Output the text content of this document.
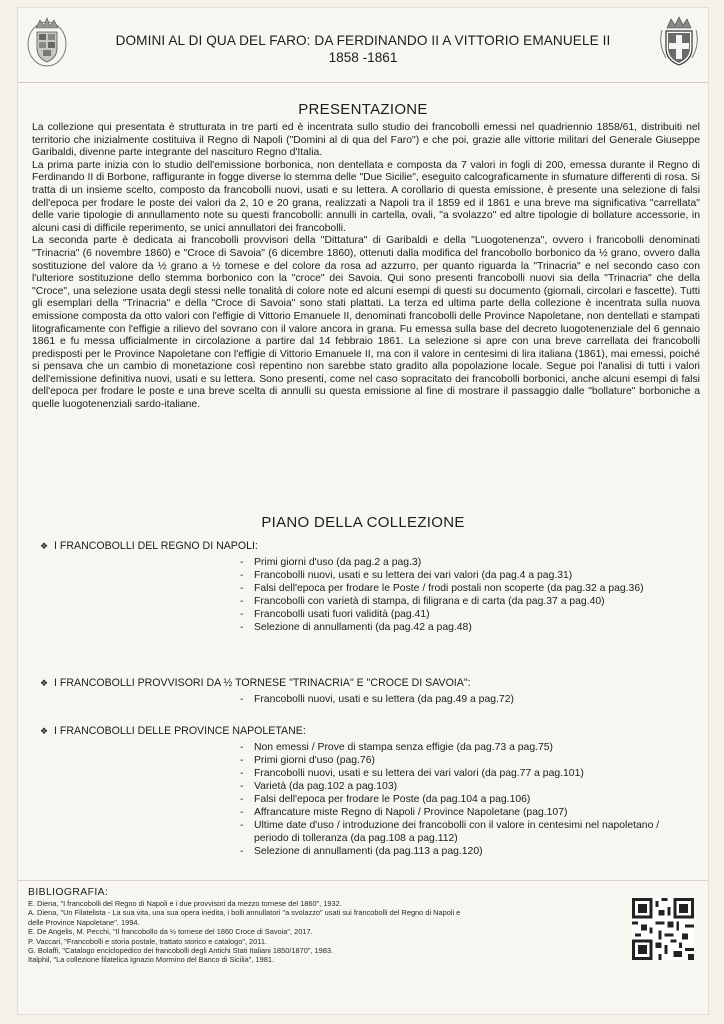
DOMINI AL DI QUA DEL FARO: DA FERDINANDO II A VITTORIO EMANUELE II
1858 -1861
PRESENTAZIONE

La collezione qui presentata è strutturata in tre parti ed è incentrata sullo studio dei francobolli emessi nel quadriennio 1858/61, distribuiti nel territorio che inizialmente costituiva il Regno di Napoli ("Domini al di qua del Faro") e che poi, grazie alle vittorie militari del Generale Giuseppe Garibaldi, divenne parte integrante del nascituro Regno d'Italia.

La prima parte inizia con lo studio dell'emissione borbonica, non dentellata e composta da 7 valori in fogli di 200, emessa durante il Regno di Ferdinando II di Borbone, raffigurante in fogge diverse lo stemma delle "Due Sicilie", eseguito calcograficamente in sfumature differenti di rosa. Si tratta di un insieme scelto, composto da francobolli nuovi, usati e su lettera. A corollario di questa emissione, è presente una selezione di falsi dell'epoca per frodare le poste dei valori da 2, 10 e 20 grana, realizzati a Napoli tra il 1859 ed il 1861 e una breve ma significativa "carrellata" delle varie tipologie di annullamento note su questi francobolli: annulli in cartella, ovali, "a svolazzo" ed altre tipologie di bollature accessorie, in alcuni casi di difficile reperimento, se unici annullatori dei francobolli.

La seconda parte è dedicata ai francobolli provvisori della "Dittatura" di Garibaldi e della "Luogotenenza", ovvero i francobolli denominati "Trinacria" (6 novembre 1860) e "Croce di Savoia" (6 dicembre 1860), ottenuti dalla modifica del francobollo borbonico da ½ grano, ovvero dalla sostituzione del valore da ½ grano a ½ tornese e del colore da rosa ad azzurro, per quanto riguarda la "Trinacria" e nel secondo caso con l'ulteriore sostituzione dello stemma borbonico con la "croce" dei Savoia. Qui sono presenti francobolli nuovi sia della "Trinacria" che della "Croce", una selezione usata degli stessi nelle tonalità di colore note ed alcuni esempi di questi su documento (giornali, circolari e fascette). Tutti gli esemplari della "Trinacria" e della "Croce di Savoia" sono stati plattati. La terza ed ultima parte della collezione è incentrata sulla nuova emissione composta da otto valori con l'effigie di Vittorio Emanuele II, denominati francobolli delle Province Napoletane, non dentellati e stampati litograficamente con l'effigie a rilievo del sovrano con il valore ancora in grana. Fu emessa sulla base del decreto luogotenenziale del 6 gennaio 1861 e fu messa ufficialmente in circolazione a partire dal 14 febbraio 1861. La selezione si apre con una breve carrellata dei francobolli predisposti per le Province Napoletane con l'effigie di Vittorio Emanuele II, ma con il valore in centesimi di lira italiana (1861), mai emessi, poiché si pensava che un cambio di monetazione così repentino non sarebbe stato gradito alla popolazione locale. Segue poi l'analisi di tutti i valori dell'emissione definitiva nuovi, usati e su lettera. Sono presenti, come nel caso sopracitato dei francobolli borbonici, anche alcuni esempi di falsi dell'epoca per frodare le poste e una breve scelta di annulli su questa emissione al fine di mostrare il passaggio dalle "bollature" borboniche a quelle luogotenenziali sardo-italiane.

PIANO DELLA COLLEZIONE
❖ I FRANCOBOLLI DEL REGNO DI NAPOLI:
- Primi giorni d'uso (da pag.2 a pag.3)
- Francobolli nuovi, usati e su lettera dei vari valori (da pag.4 a pag.31)
- Falsi dell'epoca per frodare le Poste / frodi postali non scoperte (da pag.32 a pag.36)
- Francobolli con varietà di stampa, di filigrana e di carta (da pag.37 a pag.40)
- Francobolli usati fuori validità (pag.41)
- Selezione di annullamenti (da pag.42 a pag.48)
❖ I FRANCOBOLLI PROVVISORI DA ½ TORNESE "TRINACRIA" E "CROCE DI SAVOIA":
- Francobolli nuovi, usati e su lettera (da pag.49 a pag.72)
❖ I FRANCOBOLLI DELLE PROVINCE NAPOLETANE:
- Non emessi / Prove di stampa senza effigie (da pag.73 a pag.75)
- Primi giorni d'uso (pag.76)
- Francobolli nuovi, usati e su lettera dei vari valori (da pag.77 a pag.101)
- Varietà (da pag.102 a pag.103)
- Falsi dell'epoca per frodare le Poste (da pag.104 a pag.106)
- Affrancature miste Regno di Napoli / Province Napoletane (pag.107)
- Ultime date d'uso / introduzione dei francobolli con il valore in centesimi nel napoletano / periodo di tolleranza (da pag.108 a pag.112)
- Selezione di annullamenti (da pag.113 a pag.120)
BIBLIOGRAFIA:
E. Diena, "I francobolli del Regno di Napoli e i due provvisori da mezzo tornese del 1860", 1932.
A. Diena, "Un Filatelista - La sua vita, una sua opera inedita, i bolli annullatori "a svolazzo" usati sui francobolli del Regno di Napoli e delle Province Napoletane", 1994.
E. De Angelis, M. Pecchi, "Il francobollo da ½ tornese del 1860 Croce di Savoia", 2017.
P. Vaccari, "Francobolli e storia postale, trattato storico e catalogo", 2011.
G. Bolaffi, "Catalogo enciclopedico dei francobolli degli Antichi Stati Italiani 1850/1870", 1983.
Italphil, "La collezione filatelica Ignazio Mormino del Banco di Sicilia", 1981.
